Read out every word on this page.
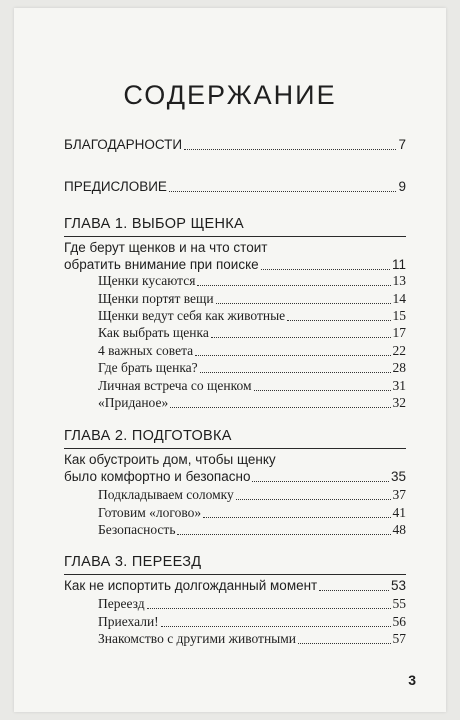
СОДЕРЖАНИЕ
БЛАГОДАРНОСТИ	7
ПРЕДИСЛОВИЕ	9
ГЛАВА 1. ВЫБОР ЩЕНКА
Где берут щенков и на что стоит
обратить внимание при поиске	11
Щенки кусаются	13
Щенки портят вещи	14
Щенки ведут себя как животные	15
Как выбрать щенка	17
4 важных совета	22
Где брать щенка?	28
Личная встреча со щенком	31
«Приданое»	32
ГЛАВА 2. ПОДГОТОВКА
Как обустроить дом, чтобы щенку
было комфортно и безопасно	35
Подкладываем соломку	37
Готовим «логово»	41
Безопасность	48
ГЛАВА 3. ПЕРЕЕЗД
Как не испортить долгожданный момент	53
Переезд	55
Приехали!	56
Знакомство с другими животными	57
3
